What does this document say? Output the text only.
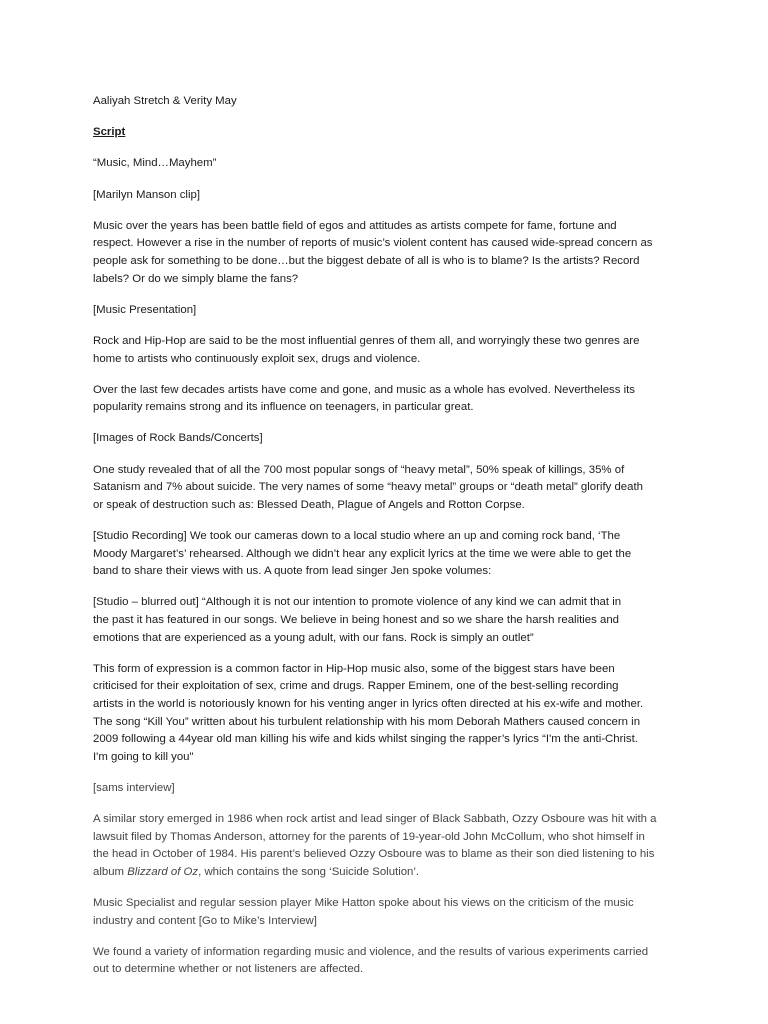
Aaliyah Stretch & Verity May

Script

“Music, Mind…Mayhem”

[Marilyn Manson clip]

Music over the years has been battle field of egos and attitudes as artists compete for fame, fortune and
respect. However a rise in the number of reports of music’s violent content has caused wide-spread concern as
people ask for something to be done…but the biggest debate of all is who is to blame? Is the artists? Record
labels? Or do we simply blame the fans?

[Music Presentation]

Rock and Hip-Hop are said to be the most influential genres of them all, and worryingly these two genres are
home to artists who continuously exploit sex, drugs and violence.

Over the last few decades artists have come and gone, and music as a whole has evolved. Nevertheless its
popularity remains strong and its influence on teenagers, in particular great.

[Images of Rock Bands/Concerts]

One study revealed that of all the 700 most popular songs of “heavy metal”, 50% speak of killings, 35% of
Satanism and 7% about suicide. The very names of some “heavy metal” groups or “death metal” glorify death
or speak of destruction such as: Blessed Death, Plague of Angels and Rotton Corpse.

[Studio Recording] We took our cameras down to a local studio where an up and coming rock band, ‘The
Moody Margaret’s’ rehearsed. Although we didn’t hear any explicit lyrics at the time we were able to get the
band to share their views with us. A quote from lead singer Jen spoke volumes:

[Studio – blurred out] “Although it is not our intention to promote violence of any kind we can admit that in
the past it has featured in our songs. We believe in being honest and so we share the harsh realities and
emotions that are experienced as a young adult, with our fans. Rock is simply an outlet”

This form of expression is a common factor in Hip-Hop music also, some of the biggest stars have been
criticised for their exploitation of sex, crime and drugs. Rapper Eminem, one of the best-selling recording
artists in the world is notoriously known for his venting anger in lyrics often directed at his ex-wife and mother.
The song “Kill You” written about his turbulent relationship with his mom Deborah Mathers caused concern in
2009 following a 44year old man killing his wife and kids whilst singing the rapper’s lyrics “I'm the anti-Christ.
I'm going to kill you"

[sams interview]

A similar story emerged in 1986 when rock artist and lead singer of Black Sabbath, Ozzy Osboure was hit with a
lawsuit filed by Thomas Anderson, attorney for the parents of 19-year-old John McCollum, who shot himself in
the head in October of 1984. His parent’s believed Ozzy Osboure was to blame as their son died listening to his
album Blizzard of Oz, which contains the song ‘Suicide Solution’.

Music Specialist and regular session player Mike Hatton spoke about his views on the criticism of the music
industry and content [Go to Mike’s Interview]

We found a variety of information regarding music and violence, and the results of various experiments carried
out to determine whether or not listeners are affected.
